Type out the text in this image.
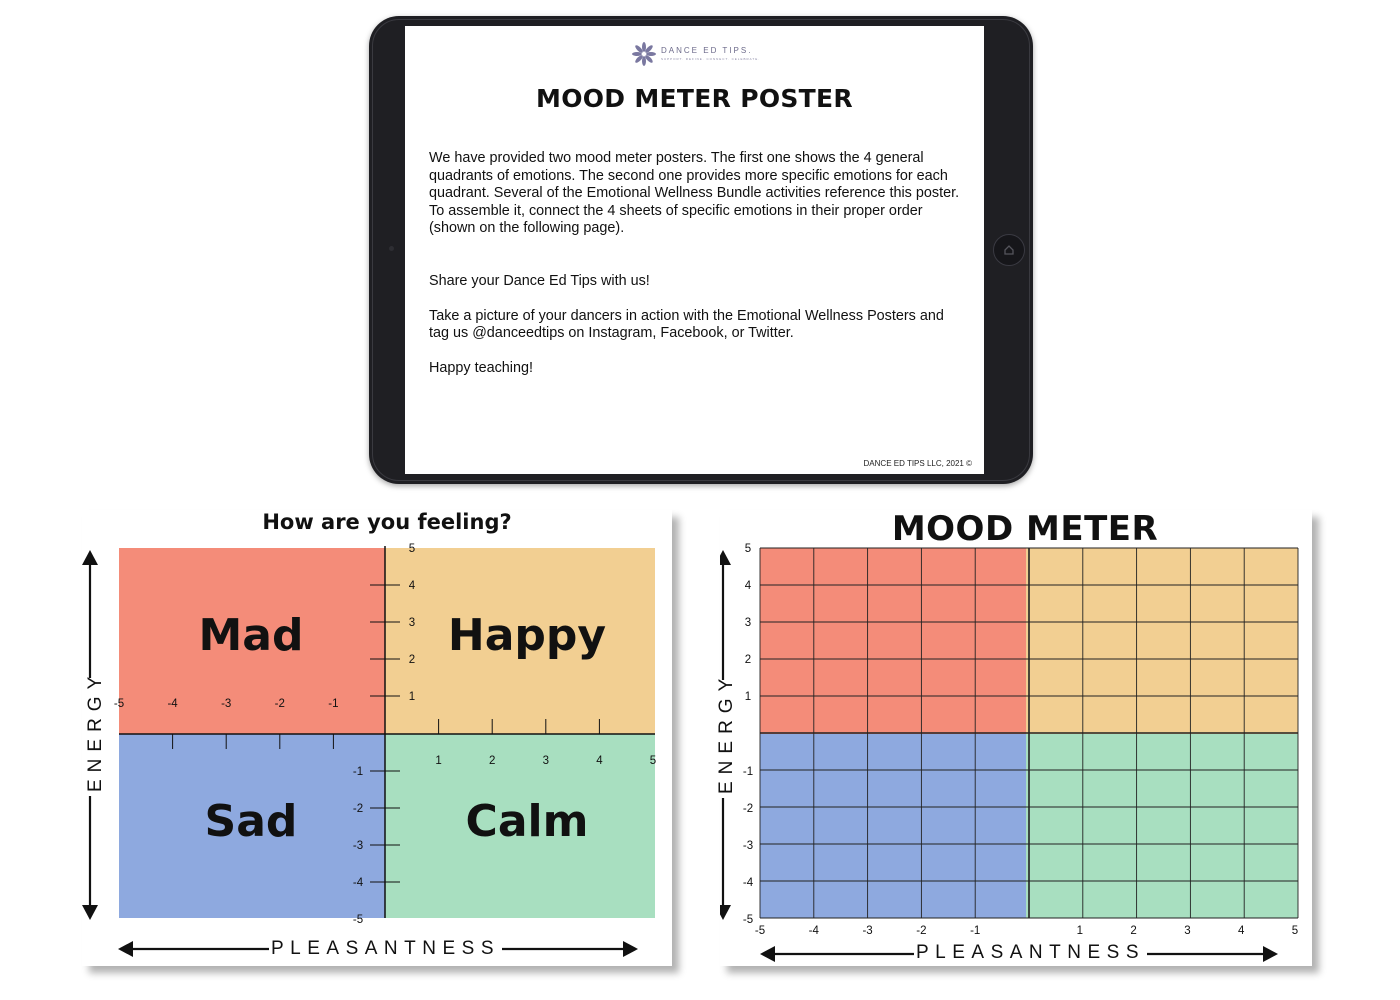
DANCE ED TIPS.
SUPPORT. REFINE. CONNECT. CELEBRATE.
MOOD METER POSTER

We have provided two mood meter posters. The first one shows the 4 general quadrants of emotions. The second one provides more specific emotions for each quadrant. Several of the Emotional Wellness Bundle activities reference this poster. To assemble it, connect the 4 sheets of specific emotions in their proper order (shown on the following page).

Share your Dance Ed Tips with us!

Take a picture of your dancers in action with the Emotional Wellness Posters and tag us @danceedtips on Instagram, Facebook, or Twitter.

Happy teaching!

DANCE ED TIPS LLC, 2021 ©
-5	-4	-3	-2	-1
1	2	3	4	5
5
4
3
2
1
-1
-2
-3
-4
-5
How are you feeling?
Mad	Happy
Sad	Calm
ENERGY
PLEASANTNESS
-5	-4	-3	-2	-1	1	2	3	4	5
5
4
3
2
1
-1
-2
-3
-4
-5
MOOD METER
ENERGY
PLEASANTNESS
